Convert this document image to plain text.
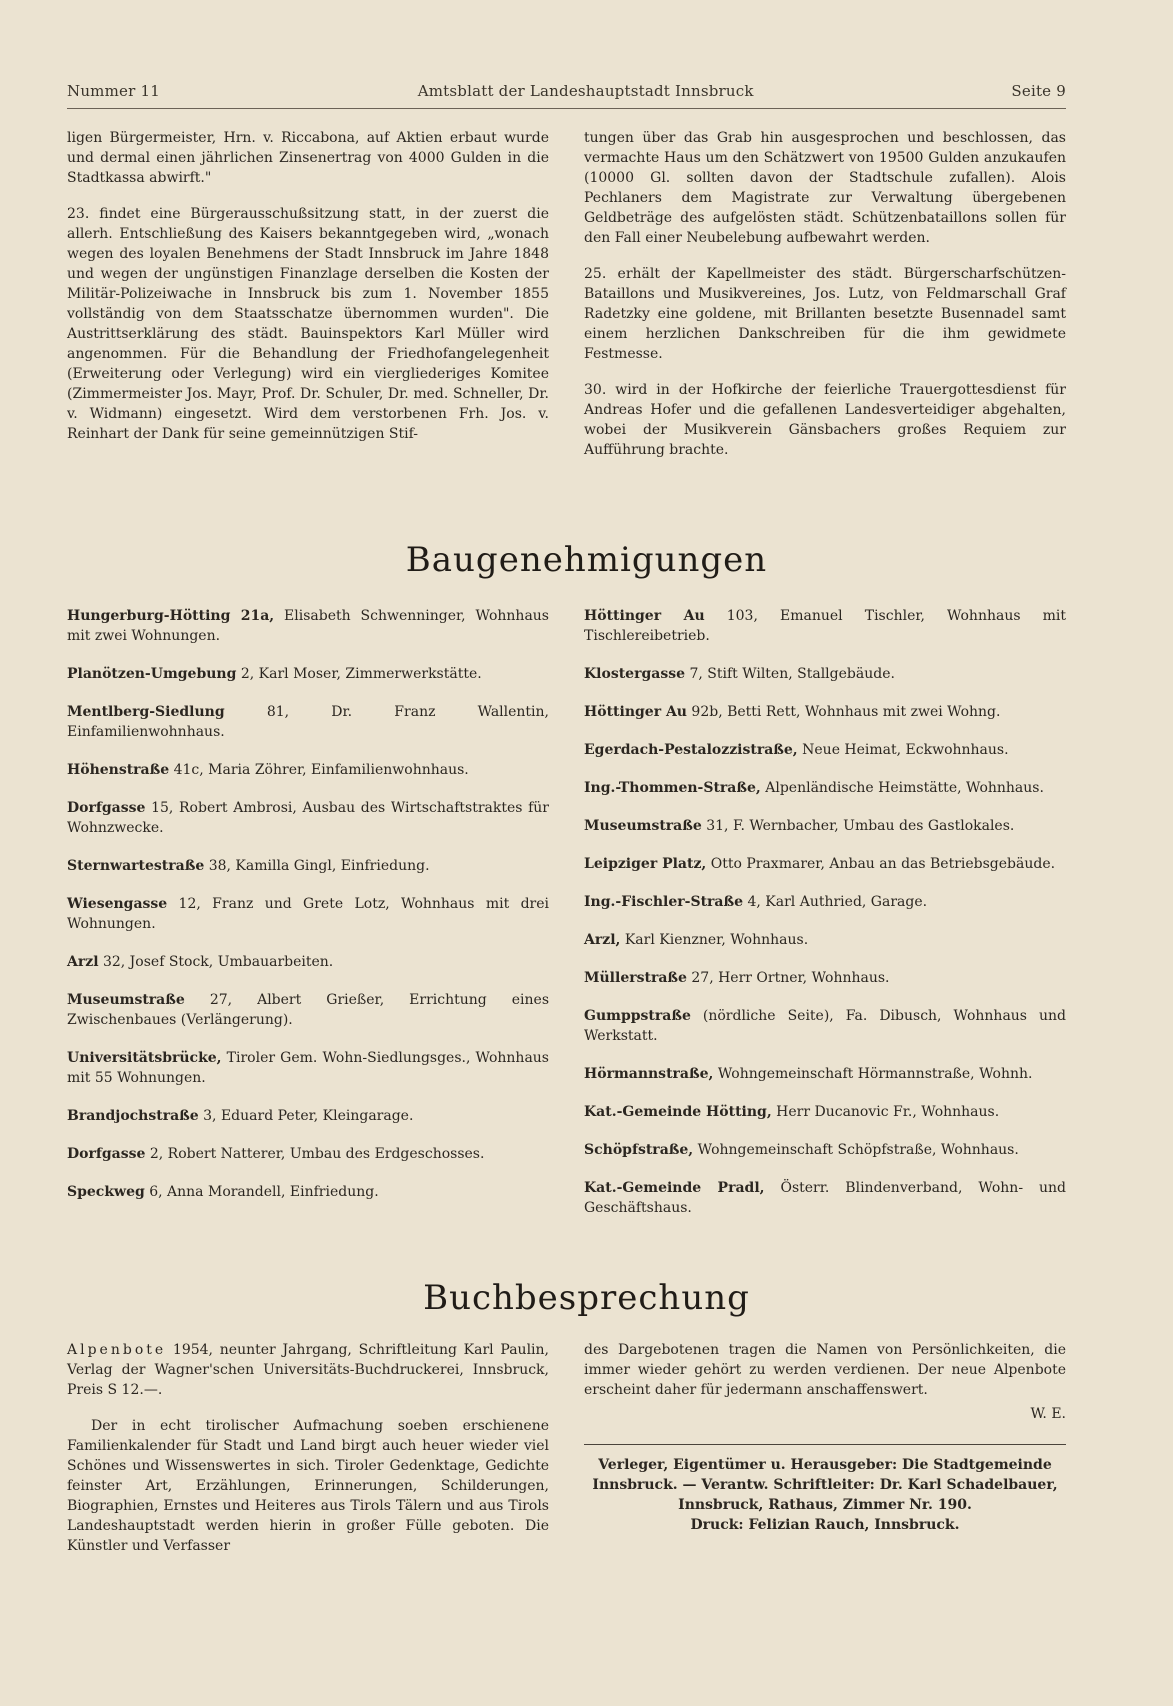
Nummer 11	Amtsblatt der Landeshauptstadt Innsbruck	Seite 9

ligen Bürgermeister, Hrn. v. Riccabona, auf Aktien erbaut wurde und dermal einen jährlichen Zinsenertrag von 4000 Gulden in die Stadtkassa abwirft."

23. findet eine Bürgerausschußsitzung statt, in der zuerst die allerh. Entschließung des Kaisers bekanntgegeben wird, „wonach wegen des loyalen Benehmens der Stadt Innsbruck im Jahre 1848 und wegen der ungünstigen Finanzlage derselben die Kosten der Militär-Polizeiwache in Innsbruck bis zum 1. November 1855 vollständig von dem Staatsschatze übernommen wurden". Die Austrittserklärung des städt. Bauinspektors Karl Müller wird angenommen. Für die Behandlung der Friedhofangelegenheit (Erweiterung oder Verlegung) wird ein viergliederiges Komitee (Zimmermeister Jos. Mayr, Prof. Dr. Schuler, Dr. med. Schneller, Dr. v. Widmann) eingesetzt. Wird dem verstorbenen Frh. Jos. v. Reinhart der Dank für seine gemeinnützigen Stif-

tungen über das Grab hin ausgesprochen und beschlossen, das vermachte Haus um den Schätzwert von 19500 Gulden anzukaufen (10000 Gl. sollten davon der Stadtschule zufallen). Alois Pechlaners dem Magistrate zur Verwaltung übergebenen Geldbeträge des aufgelösten städt. Schützenbataillons sollen für den Fall einer Neubelebung aufbewahrt werden.

25. erhält der Kapellmeister des städt. Bürgerscharfschützen-Bataillons und Musikvereines, Jos. Lutz, von Feldmarschall Graf Radetzky eine goldene, mit Brillanten besetzte Busennadel samt einem herzlichen Dankschreiben für die ihm gewidmete Festmesse.

30. wird in der Hofkirche der feierliche Trauergottesdienst für Andreas Hofer und die gefallenen Landesverteidiger abgehalten, wobei der Musikverein Gänsbachers großes Requiem zur Aufführung brachte.

Baugenehmigungen
Hungerburg-Hötting 21a, Elisabeth Schwenninger, Wohnhaus mit zwei Wohnungen.
Planötzen-Umgebung 2, Karl Moser, Zimmerwerkstätte.
Mentlberg-Siedlung 81, Dr. Franz Wallentin, Einfamilienwohnhaus.
Höhenstraße 41c, Maria Zöhrer, Einfamilienwohnhaus.
Dorfgasse 15, Robert Ambrosi, Ausbau des Wirtschaftstraktes für Wohnzwecke.
Sternwartestraße 38, Kamilla Gingl, Einfriedung.
Wiesengasse 12, Franz und Grete Lotz, Wohnhaus mit drei Wohnungen.
Arzl 32, Josef Stock, Umbauarbeiten.
Museumstraße 27, Albert Grießer, Errichtung eines Zwischenbaues (Verlängerung).
Universitätsbrücke, Tiroler Gem. Wohn-Siedlungsges., Wohnhaus mit 55 Wohnungen.
Brandjochstraße 3, Eduard Peter, Kleingarage.
Dorfgasse 2, Robert Natterer, Umbau des Erdgeschosses.
Speckweg 6, Anna Morandell, Einfriedung.
Höttinger Au 103, Emanuel Tischler, Wohnhaus mit Tischlereibetrieb.
Klostergasse 7, Stift Wilten, Stallgebäude.
Höttinger Au 92b, Betti Rett, Wohnhaus mit zwei Wohng.
Egerdach-Pestalozzistraße, Neue Heimat, Eckwohnhaus.
Ing.-Thommen-Straße, Alpenländische Heimstätte, Wohnhaus.
Museumstraße 31, F. Wernbacher, Umbau des Gastlokales.
Leipziger Platz, Otto Praxmarer, Anbau an das Betriebsgebäude.
Ing.-Fischler-Straße 4, Karl Authried, Garage.
Arzl, Karl Kienzner, Wohnhaus.
Müllerstraße 27, Herr Ortner, Wohnhaus.
Gumppstraße (nördliche Seite), Fa. Dibusch, Wohnhaus und Werkstatt.
Hörmannstraße, Wohngemeinschaft Hörmannstraße, Wohnh.
Kat.-Gemeinde Hötting, Herr Ducanovic Fr., Wohnhaus.
Schöpfstraße, Wohngemeinschaft Schöpfstraße, Wohnhaus.
Kat.-Gemeinde Pradl, Österr. Blindenverband, Wohn- und Geschäftshaus.
Buchbesprechung

Alpenbote 1954, neunter Jahrgang, Schriftleitung Karl Paulin, Verlag der Wagner'schen Universitäts-Buchdruckerei, Innsbruck, Preis S 12.—.

Der in echt tirolischer Aufmachung soeben erschienene Familienkalender für Stadt und Land birgt auch heuer wieder viel Schönes und Wissenswertes in sich. Tiroler Gedenktage, Gedichte feinster Art, Erzählungen, Erinnerungen, Schilderungen, Biographien, Ernstes und Heiteres aus Tirols Tälern und aus Tirols Landeshauptstadt werden hierin in großer Fülle geboten. Die Künstler und Verfasser

des Dargebotenen tragen die Namen von Persönlichkeiten, die immer wieder gehört zu werden verdienen. Der neue Alpenbote erscheint daher für jedermann anschaffenswert.

W. E.
Verleger, Eigentümer u. Herausgeber: Die Stadtgemeinde Innsbruck. — Verantw. Schriftleiter: Dr. Karl Schadelbauer, Innsbruck, Rathaus, Zimmer Nr. 190.
Druck: Felizian Rauch, Innsbruck.
